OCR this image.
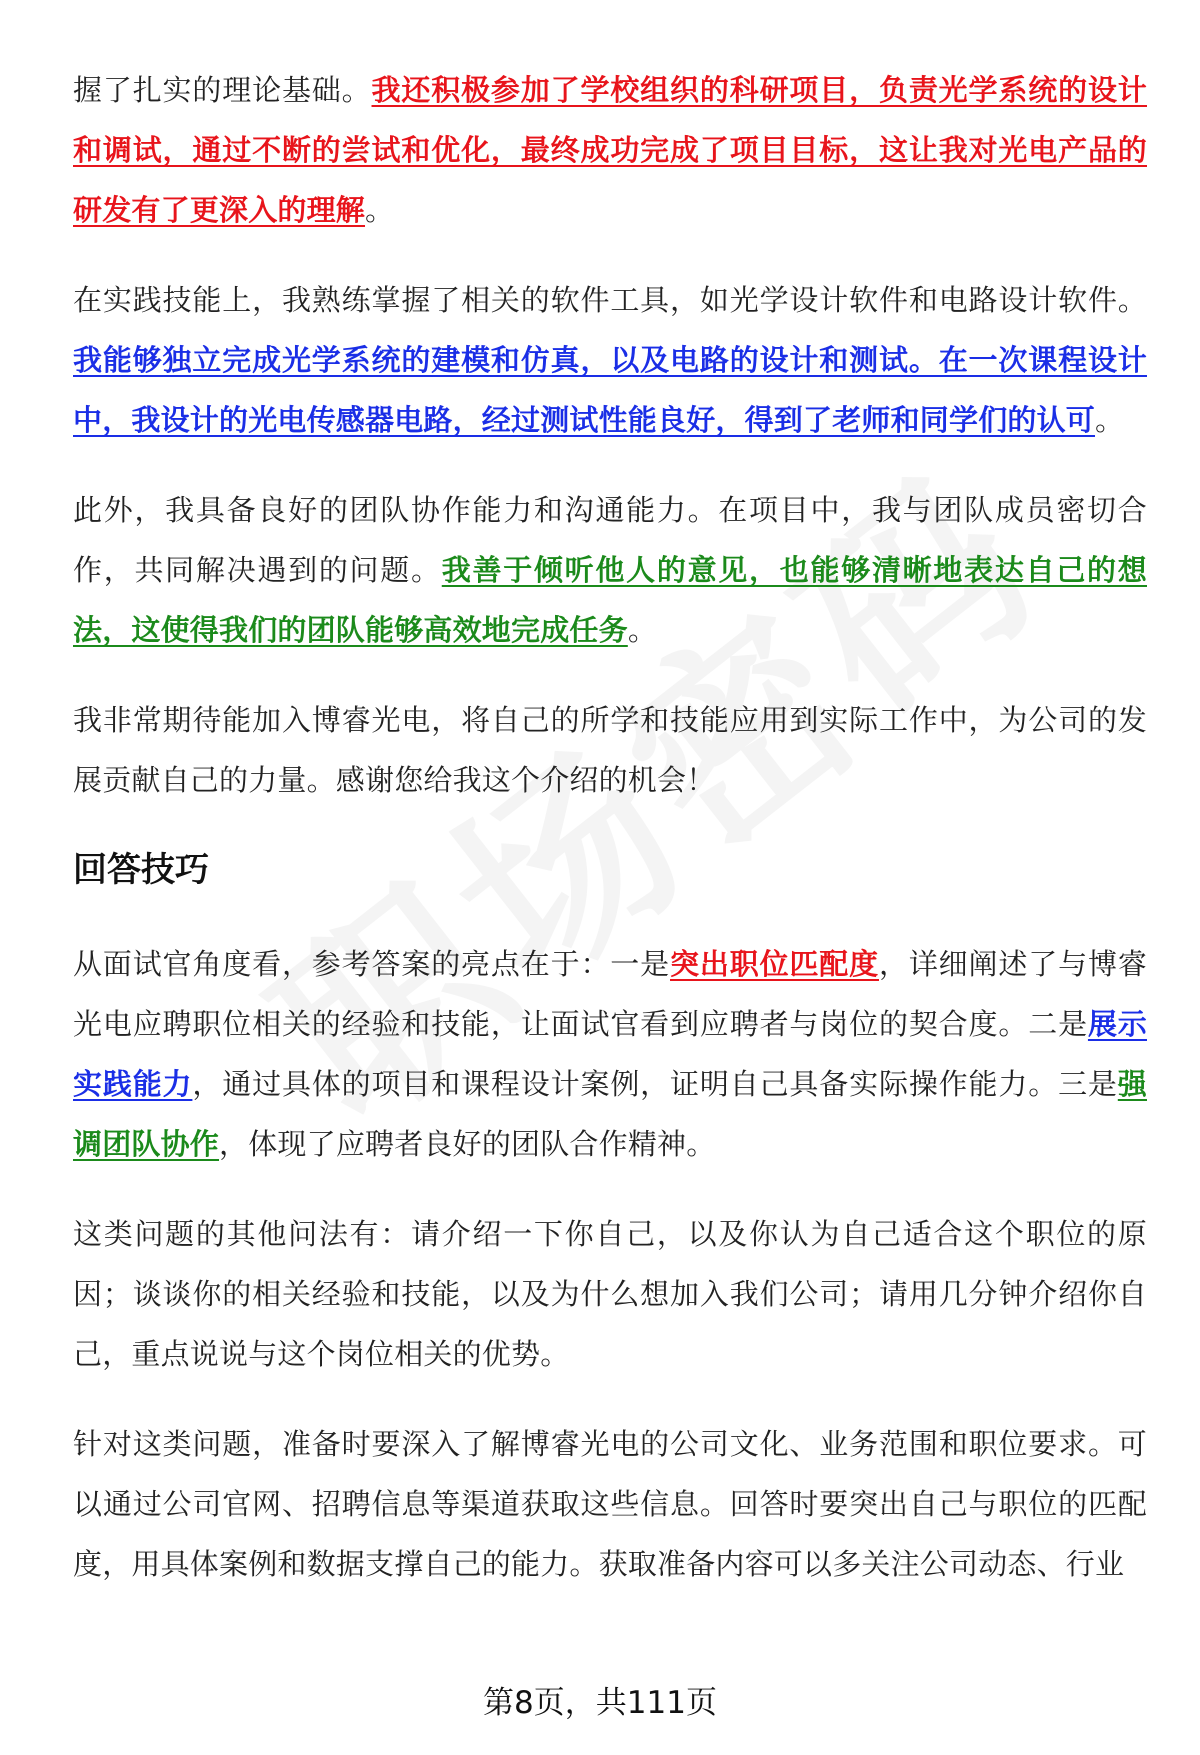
握了扎实的理论基础。我还积极参加了学校组织的科研项目，负责光学系统的设计和调试，通过不断的尝试和优化，最终成功完成了项目目标，这让我对光电产品的研发有了更深入的理解。

在实践技能上，我熟练掌握了相关的软件工具，如光学设计软件和电路设计软件。我能够独立完成光学系统的建模和仿真，以及电路的设计和测试。在一次课程设计中，我设计的光电传感器电路，经过测试性能良好，得到了老师和同学们的认可。

此外，我具备良好的团队协作能力和沟通能力。在项目中，我与团队成员密切合作，共同解决遇到的问题。我善于倾听他人的意见，也能够清晰地表达自己的想法，这使得我们的团队能够高效地完成任务。

我非常期待能加入博睿光电，将自己的所学和技能应用到实际工作中，为公司的发展贡献自己的力量。感谢您给我这个介绍的机会！

回答技巧

从面试官角度看，参考答案的亮点在于：一是突出职位匹配度，详细阐述了与博睿光电应聘职位相关的经验和技能，让面试官看到应聘者与岗位的契合度。二是展示实践能力，通过具体的项目和课程设计案例，证明自己具备实际操作能力。三是强调团队协作，体现了应聘者良好的团队合作精神。

这类问题的其他问法有：请介绍一下你自己，以及你认为自己适合这个职位的原因；谈谈你的相关经验和技能，以及为什么想加入我们公司；请用几分钟介绍你自己，重点说说与这个岗位相关的优势。

针对这类问题，准备时要深入了解博睿光电的公司文化、业务范围和职位要求。可以通过公司官网、招聘信息等渠道获取这些信息。回答时要突出自己与职位的匹配度，用具体案例和数据支撑自己的能力。获取准备内容可以多关注公司动态、行业

第8页，共111页
